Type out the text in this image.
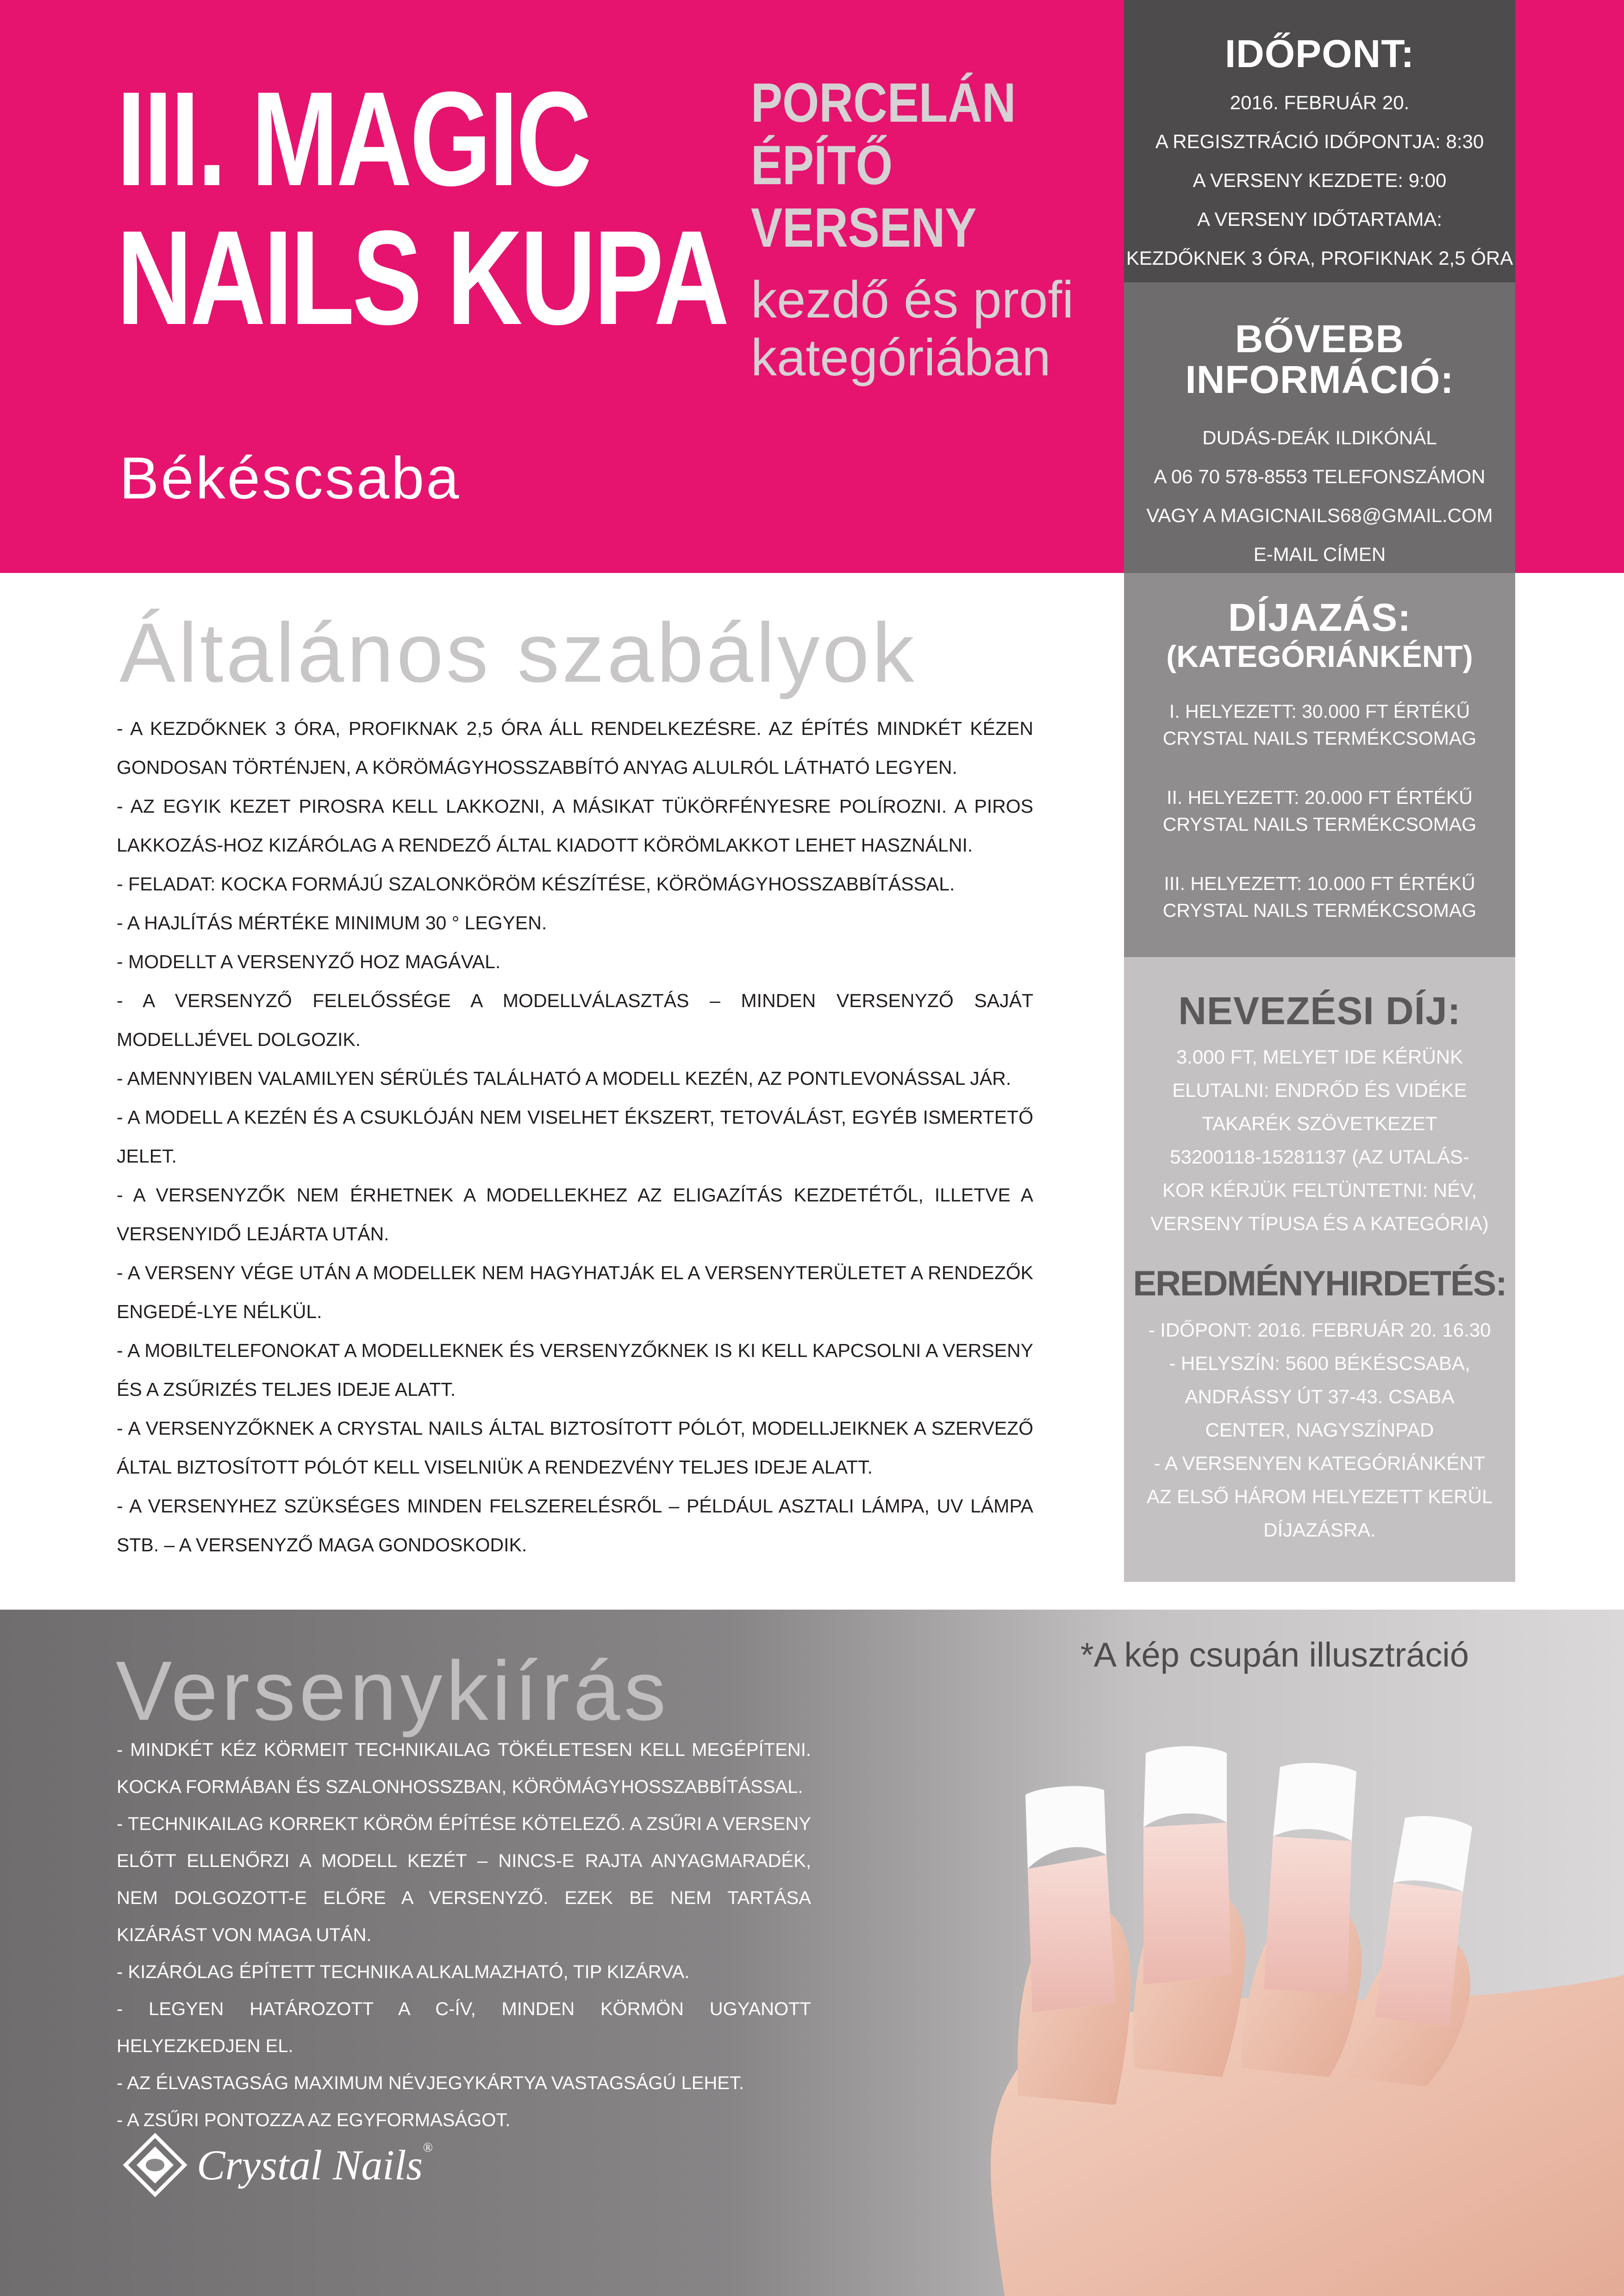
III. MAGIC
NAILS KUPA
Békéscsaba
PORCELÁN
ÉPÍTŐ
VERSENY
kezdő és profi
kategóriában
IDŐPONT:
2016. FEBRUÁR 20.
A REGISZTRÁCIÓ IDŐPONTJA: 8:30
A VERSENY KEZDETE: 9:00
A VERSENY IDŐTARTAMA:
KEZDŐKNEK 3 ÓRA, PROFIKNAK 2,5 ÓRA
BŐVEBB
INFORMÁCIÓ:
DUDÁS-DEÁK ILDIKÓNÁL
A 06 70 578-8553 TELEFONSZÁMON
VAGY A MAGICNAILS68@GMAIL.COM
E-MAIL CÍMEN
DÍJAZÁS:
(KATEGÓRIÁNKÉNT)
I. HELYEZETT: 30.000 FT ÉRTÉKŰ
CRYSTAL NAILS TERMÉKCSOMAG
II. HELYEZETT: 20.000 FT ÉRTÉKŰ
CRYSTAL NAILS TERMÉKCSOMAG
III. HELYEZETT: 10.000 FT ÉRTÉKŰ
CRYSTAL NAILS TERMÉKCSOMAG
NEVEZÉSI DÍJ:
3.000 FT, MELYET IDE KÉRÜNK
ELUTALNI: ENDRŐD ÉS VIDÉKE
TAKARÉK SZÖVETKEZET
53200118-15281137 (AZ UTALÁS-
KOR KÉRJÜK FELTÜNTETNI: NÉV,
VERSENY TÍPUSA ÉS A KATEGÓRIA)
EREDMÉNYHIRDETÉS:
- IDŐPONT: 2016. FEBRUÁR 20. 16.30
- HELYSZÍN: 5600 BÉKÉSCSABA,
ANDRÁSSY ÚT 37-43. CSABA
CENTER, NAGYSZÍNPAD
- A VERSENYEN KATEGÓRIÁNKÉNT
AZ ELSŐ HÁROM HELYEZETT KERÜL
DÍJAZÁSRA.
Általános szabályok
- A KEZDŐKNEK 3 ÓRA, PROFIKNAK 2,5 ÓRA ÁLL RENDELKEZÉSRE. AZ ÉPÍTÉS MINDKÉT KÉZEN GONDOSAN TÖRTÉNJEN, A KÖRÖMÁGYHOSSZABBÍTÓ ANYAG ALULRÓL LÁTHATÓ LEGYEN.
- AZ EGYIK KEZET PIROSRA KELL LAKKOZNI, A MÁSIKAT TÜKÖRFÉNYESRE POLÍROZNI. A PIROS LAKKOZÁS-HOZ KIZÁRÓLAG A RENDEZŐ ÁLTAL KIADOTT KÖRÖMLAKKOT LEHET HASZNÁLNI.
- FELADAT: KOCKA FORMÁJÚ SZALONKÖRÖM KÉSZÍTÉSE, KÖRÖMÁGYHOSSZABBÍTÁSSAL.
- A HAJLÍTÁS MÉRTÉKE MINIMUM 30 ° LEGYEN.
- MODELLT A VERSENYZŐ HOZ MAGÁVAL.
- A VERSENYZŐ FELELŐSSÉGE A MODELLVÁLASZTÁS – MINDEN VERSENYZŐ SAJÁT MODELLJÉVEL DOLGOZIK.
- AMENNYIBEN VALAMILYEN SÉRÜLÉS TALÁLHATÓ A MODELL KEZÉN, AZ PONTLEVONÁSSAL JÁR.
- A MODELL A KEZÉN ÉS A CSUKLÓJÁN NEM VISELHET ÉKSZERT, TETOVÁLÁST, EGYÉB ISMERTETŐ JELET.
- A VERSENYZŐK NEM ÉRHETNEK A MODELLEKHEZ AZ ELIGAZÍTÁS KEZDETÉTŐL, ILLETVE A VERSENYIDŐ LEJÁRTA UTÁN.
- A VERSENY VÉGE UTÁN A MODELLEK NEM HAGYHATJÁK EL A VERSENYTERÜLETET A RENDEZŐK ENGEDÉ-LYE NÉLKÜL.
- A MOBILTELEFONOKAT A MODELLEKNEK ÉS VERSENYZŐKNEK IS KI KELL KAPCSOLNI A VERSENY ÉS A ZSŰRIZÉS TELJES IDEJE ALATT.
- A VERSENYZŐKNEK A CRYSTAL NAILS ÁLTAL BIZTOSÍTOTT PÓLÓT, MODELLJEIKNEK A SZERVEZŐ ÁLTAL BIZTOSÍTOTT PÓLÓT KELL VISELNIÜK A RENDEZVÉNY TELJES IDEJE ALATT.
- A VERSENYHEZ SZÜKSÉGES MINDEN FELSZERELÉSRŐL – PÉLDÁUL ASZTALI LÁMPA, UV LÁMPA STB. – A VERSENYZŐ MAGA GONDOSKODIK.
Versenykiírás	*A kép csupán illusztráció
- MINDKÉT KÉZ KÖRMEIT TECHNIKAILAG TÖKÉLETESEN KELL MEGÉPÍTENI. KOCKA FORMÁBAN ÉS SZALONHOSSZBAN, KÖRÖMÁGYHOSSZABBÍTÁSSAL.
- TECHNIKAILAG KORREKT KÖRÖM ÉPÍTÉSE KÖTELEZŐ. A ZSŰRI A VERSENY ELŐTT ELLENŐRZI A MODELL KEZÉT – NINCS-E RAJTA ANYAGMARADÉK, NEM DOLGOZOTT-E ELŐRE A VERSENYZŐ. EZEK BE NEM TARTÁSA KIZÁRÁST VON MAGA UTÁN.
- KIZÁRÓLAG ÉPÍTETT TECHNIKA ALKALMAZHATÓ, TIP KIZÁRVA.
- LEGYEN HATÁROZOTT A C-ÍV, MINDEN KÖRMÖN UGYANOTT HELYEZKEDJEN EL.
- AZ ÉLVASTAGSÁG MAXIMUM NÉVJEGYKÁRTYA VASTAGSÁGÚ LEHET.
- A ZSŰRI PONTOZZA AZ EGYFORMASÁGOT.
Crystal Nails®
